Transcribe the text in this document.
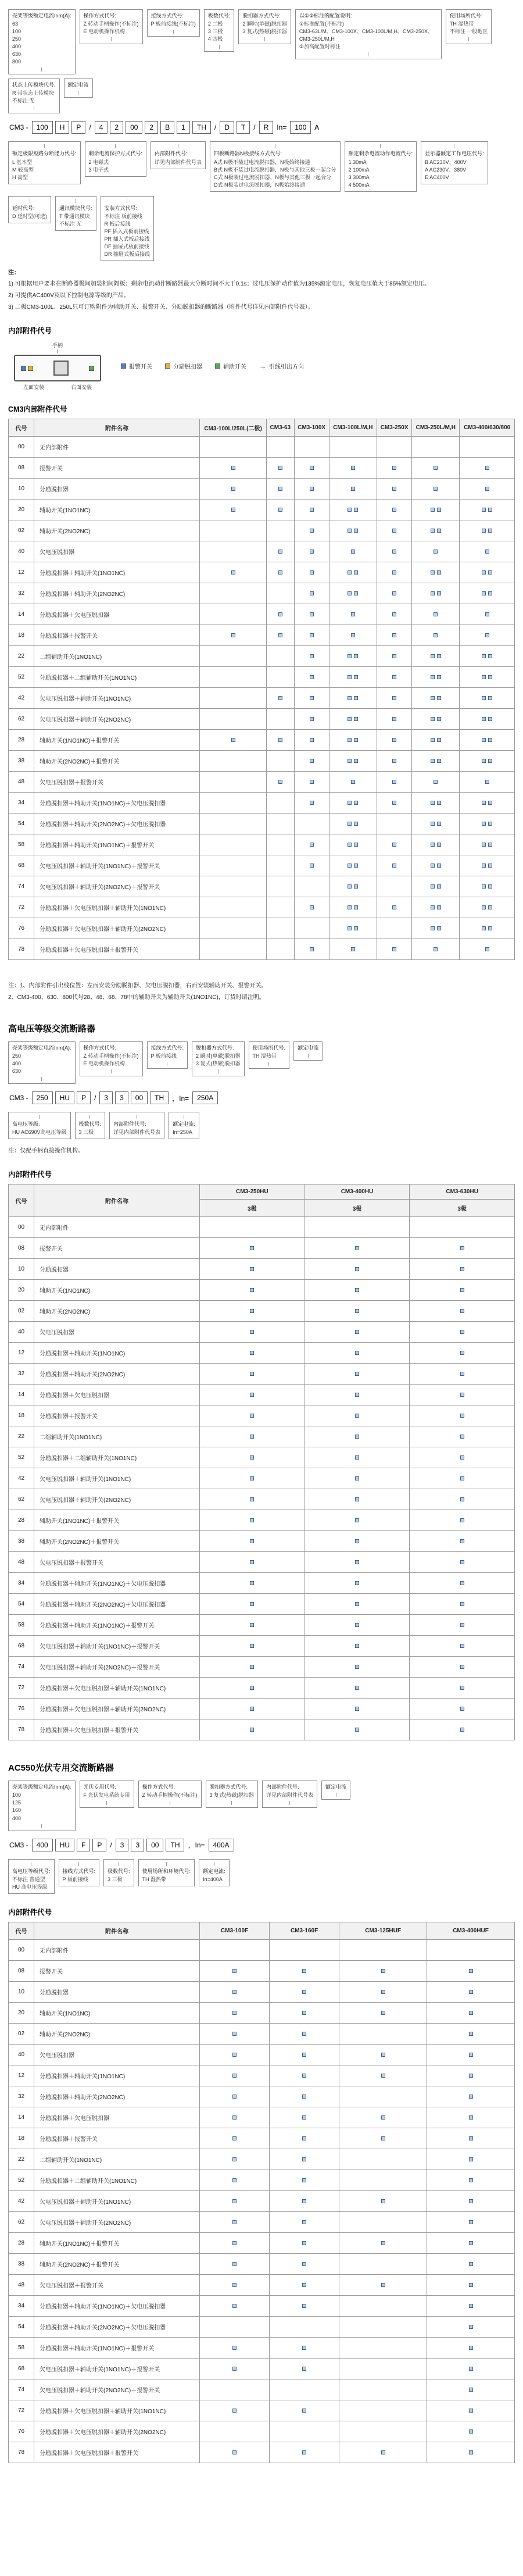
壳架等级额定电流Inm(A):
63
100
250
400
630
800
操作方式代号:
Z 转动手柄操作(不标注)
E 电动机操作机构
接线方式代号:
P 板前接线(不标注)
极数代号:
2 二极
3 三极
4 四极
脱扣器方式代号:
2 瞬时(单磁)脱扣器
3 复式(热磁)脱扣器
以①②标注的配置说明:
①标准配置(不标注)
CM3-63L/M、CM3-100X、CM3-100L/M,H、CM3-250X、CM3-250L/M,H
②加高配置时标注
使用场所代号:
TH 湿热带
不标注 一般地区
状态上传模块代号:
R 带状态上传模块
不标注 无
额定电流
CM3 -	100	H	P	/	4	2	00	2	B	1	TH	/	D	T	/	R	In=	100	A
额定极限短路分断能力代号:
L 基本型
M 较高型
H 高型
剩余电流保护方式代号:
2 电磁式
3 电子式
内部附件代号:
详见内部附件代号表
四极断路器N极接线方式代号:
A式 N极不装过电流脱扣器，N极始终接通
B式 N极不装过电流脱扣器，N极与其他三极一起合分
C式 N极装过电流脱扣器，N极与其他三极一起合分
D式 N极装过电流脱扣器，N极始终接通
额定剩余电流动作电流代号:
1 30mA
2 100mA
3 300mA
4 500mA
显示器额定工作电压代号:
B AC230V、400V
A AC230V、380V
E AC400V
延时代号:
D 延时型(可选)
通讯模块代号:
T 带通讯模块
不标注 无
安装方式代号:
不标注 板前接线
R 板后接线
PF 插入式板前接线
PR 插入式板后接线
DF 抽屉式板前接线
DR 抽屉式板后接线
注：
1) 可根据用户要求在断路器极间加装相间隔板；剩余电流动作断路器最大分断时间不大于0.1s；过电压保护动作值为135%额定电压，恢复电压值大于85%额定电压。
2) 可提供AC400V及以下控制电源等级的产品。
3) 二极CM3-100L、250L只可订购附件为辅助开关、报警开关、分励脱扣器的断路器（附件代号详见内部附件代号表）。
内部附件代号
手柄
左面安装	右面安装
报警开关	分励脱扣器	辅助开关 → 引线引出方向
CM3内部附件代号
代号	附件名称	CM3-100L/250L(二极)	CM3-63	CM3-100X	CM3-100L/M,H	CM3-250X	CM3-250L/M,H	CM3-400/630/800
00	无内部附件							
08	报警开关							
10	分励脱扣器							
20	辅助开关(1NO1NC)							
02	辅助开关(2NO2NC)							
40	欠电压脱扣器							
12	分励脱扣器＋辅助开关(1NO1NC)							
32	分励脱扣器＋辅助开关(2NO2NC)							
14	分励脱扣器＋欠电压脱扣器							
18	分励脱扣器＋报警开关							
22	二组辅助开关(1NO1NC)							
52	分励脱扣器＋二组辅助开关(1NO1NC)							
42	欠电压脱扣器＋辅助开关(1NO1NC)							
62	欠电压脱扣器＋辅助开关(2NO2NC)							
28	辅助开关(1NO1NC)＋报警开关							
38	辅助开关(2NO2NC)＋报警开关							
48	欠电压脱扣器＋报警开关							
34	分励脱扣器＋辅助开关(1NO1NC)＋欠电压脱扣器							
54	分励脱扣器＋辅助开关(2NO2NC)＋欠电压脱扣器							
58	分励脱扣器＋辅助开关(1NO1NC)＋报警开关							
68	欠电压脱扣器＋辅助开关(1NO1NC)＋报警开关							
74	欠电压脱扣器＋辅助开关(2NO2NC)＋报警开关							
72	分励脱扣器＋欠电压脱扣器＋辅助开关(1NO1NC)							
76	分励脱扣器＋欠电压脱扣器＋辅助开关(2NO2NC)							
78	分励脱扣器＋欠电压脱扣器＋报警开关							
注：1、内部附件引出线位置：左面安装分励脱扣器、欠电压脱扣器，右面安装辅助开关、报警开关。
2、CM3-400、630、800代号28、48、68、78中的辅助开关为辅助开关(1NO1NC)，订货时请注明。
高电压等级交流断路器
壳架等级额定电流Inm(A):
250
400
630
操作方式代号:
Z 转动手柄操作(不标注)
E 电动机操作机构
接线方式代号:
P 板前接线
脱扣器方式代号:
2 瞬时(单磁)脱扣器
3 复式(热磁)脱扣器
使用场所代号:
TH 湿热带
额定电流
CM3 -	250	HU	P	/	3	3	00	TH	，In=	250A
高电压等级:
HU AC690V高电压等级
极数代号:
3 三极
内部附件代号:
详见内部附件代号表
额定电流:
In=250A
注：仅配手柄直接操作机构。
内部附件代号
代号	附件名称	CM3-250HU	CM3-400HU	CM3-630HU
		3极	3极	3极
00	无内部附件			
08	报警开关			
10	分励脱扣器			
20	辅助开关(1NO1NC)			
02	辅助开关(2NO2NC)			
40	欠电压脱扣器			
12	分励脱扣器＋辅助开关(1NO1NC)			
32	分励脱扣器＋辅助开关(2NO2NC)			
14	分励脱扣器＋欠电压脱扣器			
18	分励脱扣器＋报警开关			
22	二组辅助开关(1NO1NC)			
52	分励脱扣器＋二组辅助开关(1NO1NC)			
42	欠电压脱扣器＋辅助开关(1NO1NC)			
62	欠电压脱扣器＋辅助开关(2NO2NC)			
28	辅助开关(1NO1NC)＋报警开关			
38	辅助开关(2NO2NC)＋报警开关			
48	欠电压脱扣器＋报警开关			
34	分励脱扣器＋辅助开关(1NO1NC)＋欠电压脱扣器			
54	分励脱扣器＋辅助开关(2NO2NC)＋欠电压脱扣器			
58	分励脱扣器＋辅助开关(1NO1NC)＋报警开关			
68	欠电压脱扣器＋辅助开关(1NO1NC)＋报警开关			
74	欠电压脱扣器＋辅助开关(2NO2NC)＋报警开关			
72	分励脱扣器＋欠电压脱扣器＋辅助开关(1NO1NC)			
76	分励脱扣器＋欠电压脱扣器＋辅助开关(2NO2NC)			
78	分励脱扣器＋欠电压脱扣器＋报警开关			
AC550光伏专用交流断路器
壳架等级额定电流Inm(A):
100
125
160
400
光伏专用代号:
F 光伏发电系统专用
操作方式代号:
Z 转动手柄操作(不标注)
脱扣器方式代号:
3 复式(热磁)脱扣器
内部附件代号:
详见内部附件代号表
额定电流
CM3 -	400	HU	F	P	/	3	3	00	TH	，In=	400A
高电压等级代号:
不标注 普通型
HU 高电压等级
接线方式代号:
P 板前接线
极数代号:
3 三极
使用场所和环境代号:
TH 湿热带
额定电流:
In=400A
内部附件代号
代号	附件名称	CM3-100F	CM3-160F	CM3-125HUF	CM3-400HUF
00	无内部附件				
08	报警开关				
10	分励脱扣器				
20	辅助开关(1NO1NC)				
02	辅助开关(2NO2NC)				
40	欠电压脱扣器				
12	分励脱扣器＋辅助开关(1NO1NC)				
32	分励脱扣器＋辅助开关(2NO2NC)				
14	分励脱扣器＋欠电压脱扣器				
18	分励脱扣器＋报警开关				
22	二组辅助开关(1NO1NC)				
52	分励脱扣器＋二组辅助开关(1NO1NC)				
42	欠电压脱扣器＋辅助开关(1NO1NC)				
62	欠电压脱扣器＋辅助开关(2NO2NC)				
28	辅助开关(1NO1NC)＋报警开关				
38	辅助开关(2NO2NC)＋报警开关				
48	欠电压脱扣器＋报警开关				
34	分励脱扣器＋辅助开关(1NO1NC)＋欠电压脱扣器				
54	分励脱扣器＋辅助开关(2NO2NC)＋欠电压脱扣器				
58	分励脱扣器＋辅助开关(1NO1NC)＋报警开关				
68	欠电压脱扣器＋辅助开关(1NO1NC)＋报警开关				
74	欠电压脱扣器＋辅助开关(2NO2NC)＋报警开关				
72	分励脱扣器＋欠电压脱扣器＋辅助开关(1NO1NC)				
76	分励脱扣器＋欠电压脱扣器＋辅助开关(2NO2NC)				
78	分励脱扣器＋欠电压脱扣器＋报警开关				
